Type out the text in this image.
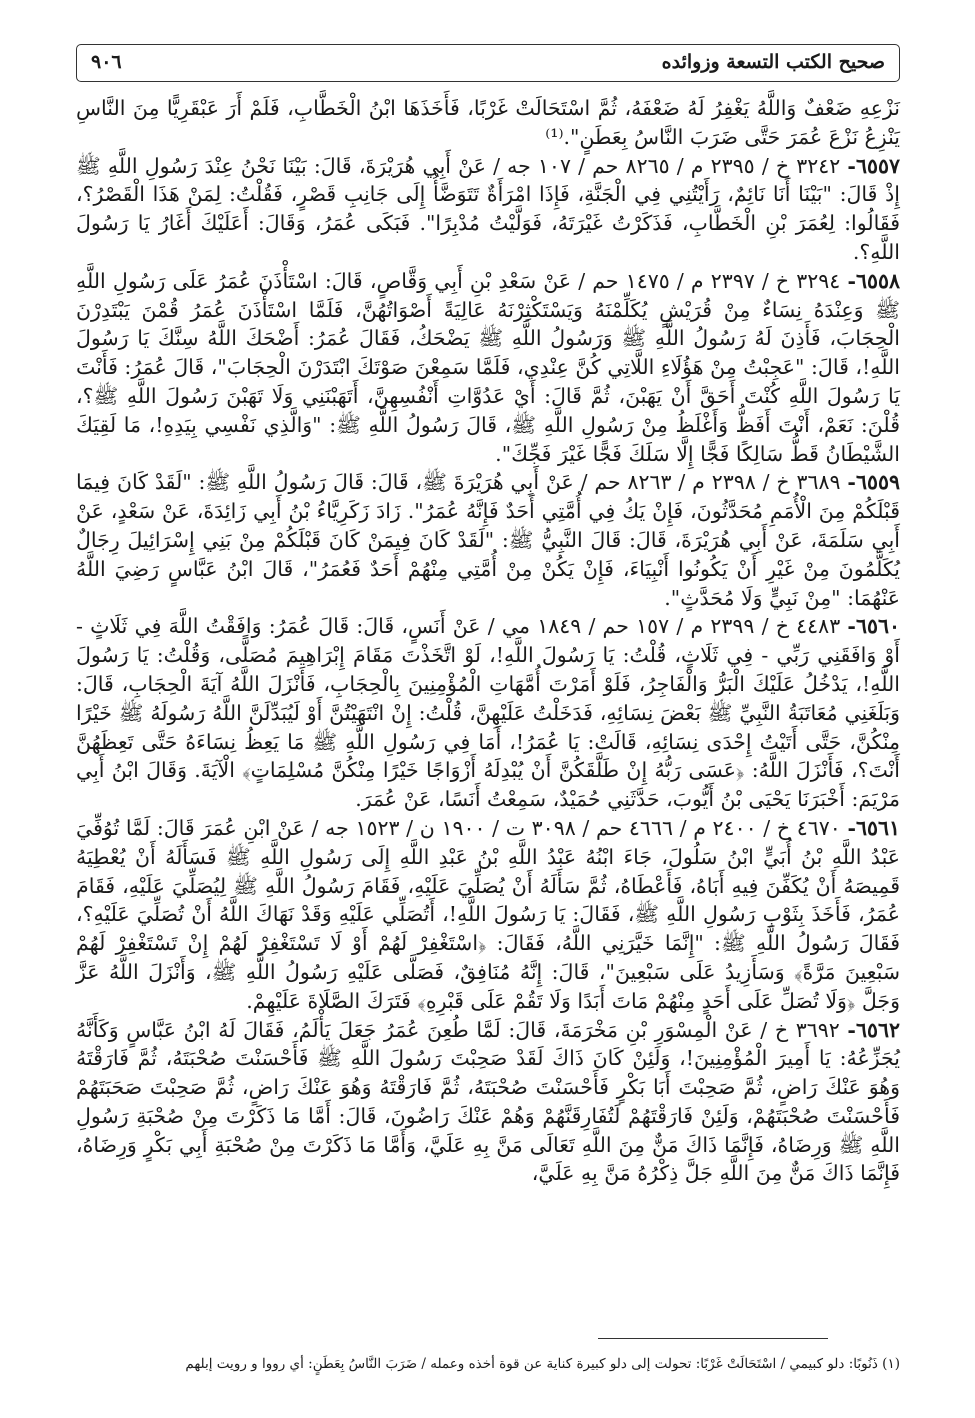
صحيح الكتب التسعة وزوائده
٩٠٦

نَزْعِهِ ضَعْفٌ وَاللَّهُ يَغْفِرُ لَهُ ضَعْفَهُ، ثُمَّ اسْتَحَالَتْ غَرْبًا، فَأَخَذَهَا ابْنُ الْخَطَّابِ، فَلَمْ أَرَ عَبْقَرِيًّا مِنَ النَّاسِ يَنْزِعُ نَزْعَ عُمَرَ حَتَّى ضَرَبَ النَّاسُ بِعَطَنٍ".⁽¹⁾

٦٥٥٧- ٣٢٤٢ خ / ٢٣٩٥ م / ٨٢٦٥ حم / ١٠٧ جه / عَنْ أَبِي هُرَيْرَةَ، قَالَ: بَيْنَا نَحْنُ عِنْدَ رَسُولِ اللَّهِ ﷺ إِذْ قَالَ: "بَيْنَا أَنَا نَائِمٌ، رَأَيْتُنِي فِي الْجَنَّةِ، فَإِذَا امْرَأَةٌ تَتَوَضَّأُ إِلَى جَانِبِ قَصْرٍ، فَقُلْتُ: لِمَنْ هَذَا الْقَصْرُ؟، فَقَالُوا: لِعُمَرَ بْنِ الْخَطَّابِ، فَذَكَرْتُ غَيْرَتَهُ، فَوَلَّيْتُ مُدْبِرًا". فَبَكَى عُمَرُ، وَقَالَ: أَعَلَيْكَ أَغَارُ يَا رَسُولَ اللَّهِ؟.

٦٥٥٨- ٣٢٩٤ خ / ٢٣٩٧ م / ١٤٧٥ حم / عَنْ سَعْدِ بْنِ أَبِي وَقَّاصٍ، قَالَ: اسْتَأْذَنَ عُمَرُ عَلَى رَسُولِ اللَّهِ ﷺ وَعِنْدَهُ نِسَاءٌ مِنْ قُرَيْشٍ يُكَلِّمْنَهُ وَيَسْتَكْثِرْنَهُ عَالِيَةً أَصْوَاتُهُنَّ، فَلَمَّا اسْتَأْذَنَ عُمَرُ قُمْنَ يَبْتَدِرْنَ الْحِجَابَ، فَأَذِنَ لَهُ رَسُولُ اللَّهِ ﷺ وَرَسُولُ اللَّهِ ﷺ يَضْحَكُ، فَقَالَ عُمَرُ: أَضْحَكَ اللَّهُ سِنَّكَ يَا رَسُولَ اللَّهِ!، قَالَ: "عَجِبْتُ مِنْ هَؤُلَاءِ اللَّاتِي كُنَّ عِنْدِي، فَلَمَّا سَمِعْنَ صَوْتَكَ ابْتَدَرْنَ الْحِجَابَ"، قَالَ عُمَرُ: فَأَنْتَ يَا رَسُولَ اللَّهِ كُنْتَ أَحَقَّ أَنْ يَهَبْنَ، ثُمَّ قَالَ: أَيْ عَدُوَّاتِ أَنْفُسِهِنَّ، أَتَهَبْنَنِي وَلَا تَهَبْنَ رَسُولَ اللَّهِ ﷺ؟، قُلْنَ: نَعَمْ، أَنْتَ أَفَظُّ وَأَغْلَظُ مِنْ رَسُولِ اللَّهِ ﷺ، قَالَ رَسُولُ اللَّهِ ﷺ: "وَالَّذِي نَفْسِي بِيَدِهِ!، مَا لَقِيَكَ الشَّيْطَانُ قَطُّ سَالِكًا فَجًّا إِلَّا سَلَكَ فَجًّا غَيْرَ فَجِّكَ".

٦٥٥٩- ٣٦٨٩ خ / ٢٣٩٨ م / ٨٢٦٣ حم / عَنْ أَبِي هُرَيْرَةَ ﷺ، قَالَ: قَالَ رَسُولُ اللَّهِ ﷺ: "لَقَدْ كَانَ فِيمَا قَبْلَكُمْ مِنَ الْأُمَمِ مُحَدَّثُونَ، فَإِنْ يَكُ فِي أُمَّتِي أَحَدٌ فَإِنَّهُ عُمَرُ". زَادَ زَكَرِيَّاءُ بْنُ أَبِي زَائِدَةَ، عَنْ سَعْدٍ، عَنْ أَبِي سَلَمَةَ، عَنْ أَبِي هُرَيْرَةَ، قَالَ: قَالَ النَّبِيُّ ﷺ: "لَقَدْ كَانَ فِيمَنْ كَانَ قَبْلَكُمْ مِنْ بَنِي إِسْرَائِيلَ رِجَالٌ يُكَلَّمُونَ مِنْ غَيْرِ أَنْ يَكُونُوا أَنْبِيَاءَ، فَإِنْ يَكُنْ مِنْ أُمَّتِي مِنْهُمْ أَحَدٌ فَعُمَرُ"، قَالَ ابْنُ عَبَّاسٍ رَضِيَ اللَّهُ عَنْهُمَا: "مِنْ نَبِيٍّ وَلَا مُحَدَّثٍ".

٦٥٦٠- ٤٤٨٣ خ / ٢٣٩٩ م / ١٥٧ حم / ١٨٤٩ مي / عَنْ أَنَسٍ، قَالَ: قَالَ عُمَرُ: وَافَقْتُ اللَّهَ فِي ثَلَاثٍ - أَوْ وَافَقَنِي رَبِّي - فِي ثَلَاثٍ، قُلْتُ: يَا رَسُولَ اللَّهِ!، لَوْ اتَّخَذْتَ مَقَامَ إِبْرَاهِيمَ مُصَلًّى، وَقُلْتُ: يَا رَسُولَ اللَّهِ!، يَدْخُلُ عَلَيْكَ الْبَرُّ وَالْفَاجِرُ، فَلَوْ أَمَرْتَ أُمَّهَاتِ الْمُؤْمِنِينَ بِالْحِجَابِ، فَأَنْزَلَ اللَّهُ آيَةَ الْحِجَابِ، قَالَ: وَبَلَغَنِي مُعَاتَبَةُ النَّبِيِّ ﷺ بَعْضَ نِسَائِهِ، فَدَخَلْتُ عَلَيْهِنَّ، قُلْتُ: إِنْ انْتَهَيْتُنَّ أَوْ لَيُبَدِّلَنَّ اللَّهُ رَسُولَهُ ﷺ خَيْرًا مِنْكُنَّ، حَتَّى أَتَيْتُ إِحْدَى نِسَائِهِ، قَالَتْ: يَا عُمَرُ!، أَمَا فِي رَسُولِ اللَّهِ ﷺ مَا يَعِظُ نِسَاءَهُ حَتَّى تَعِظَهُنَّ أَنْتَ؟، فَأَنْزَلَ اللَّهُ: ﴿عَسَى رَبُّهُ إِنْ طَلَّقَكُنَّ أَنْ يُبْدِلَهُ أَزْوَاجًا خَيْرًا مِنْكُنَّ مُسْلِمَاتٍ﴾ الْآيَةَ. وَقَالَ ابْنُ أَبِي مَرْيَمَ: أَخْبَرَنَا يَحْيَى بْنُ أَيُّوبَ، حَدَّثَنِي حُمَيْدٌ، سَمِعْتُ أَنَسًا، عَنْ عُمَرَ.

٦٥٦١- ٤٦٧٠ خ / ٢٤٠٠ م / ٤٦٦٦ حم / ٣٠٩٨ ت / ١٩٠٠ ن / ١٥٢٣ جه / عَنْ ابْنِ عُمَرَ قَالَ: لَمَّا تُوُفِّيَ عَبْدُ اللَّهِ بْنُ أُبَيٍّ ابْنُ سَلُولَ، جَاءَ ابْنُهُ عَبْدُ اللَّهِ بْنُ عَبْدِ اللَّهِ إِلَى رَسُولِ اللَّهِ ﷺ فَسَأَلَهُ أَنْ يُعْطِيَهُ قَمِيصَهُ أَنْ يُكَفِّنَ فِيهِ أَبَاهُ، فَأَعْطَاهُ، ثُمَّ سَأَلَهُ أَنْ يُصَلِّيَ عَلَيْهِ، فَقَامَ رَسُولُ اللَّهِ ﷺ لِيُصَلِّيَ عَلَيْهِ، فَقَامَ عُمَرُ، فَأَخَذَ بِثَوْبِ رَسُولِ اللَّهِ ﷺ، فَقَالَ: يَا رَسُولَ اللَّهِ!، أَتُصَلِّي عَلَيْهِ وَقَدْ نَهَاكَ اللَّهُ أَنْ تُصَلِّيَ عَلَيْهِ؟، فَقَالَ رَسُولُ اللَّهِ ﷺ: "إِنَّمَا خَيَّرَنِي اللَّهُ، فَقَالَ: ﴿اسْتَغْفِرْ لَهُمْ أَوْ لَا تَسْتَغْفِرْ لَهُمْ إِنْ تَسْتَغْفِرْ لَهُمْ سَبْعِينَ مَرَّةً﴾ وَسَأَزِيدُ عَلَى سَبْعِينَ"، قَالَ: إِنَّهُ مُنَافِقٌ، فَصَلَّى عَلَيْهِ رَسُولُ اللَّهِ ﷺ، وَأَنْزَلَ اللَّهُ عَزَّ وَجَلَّ ﴿وَلَا تُصَلِّ عَلَى أَحَدٍ مِنْهُمْ مَاتَ أَبَدًا وَلَا تَقُمْ عَلَى قَبْرِهِ﴾ فَتَرَكَ الصَّلَاةَ عَلَيْهِمْ.

٦٥٦٢- ٣٦٩٢ خ / عَنْ الْمِسْوَرِ بْنِ مَخْرَمَةَ، قَالَ: لَمَّا طُعِنَ عُمَرُ جَعَلَ يَأْلَمُ، فَقَالَ لَهُ ابْنُ عَبَّاسٍ وَكَأَنَّهُ يُجَزِّعُهُ: يَا أَمِيرَ الْمُؤْمِنِينَ!، وَلَئِنْ كَانَ ذَاكَ لَقَدْ صَحِبْتَ رَسُولَ اللَّهِ ﷺ فَأَحْسَنْتَ صُحْبَتَهُ، ثُمَّ فَارَقْتَهُ وَهُوَ عَنْكَ رَاضٍ، ثُمَّ صَحِبْتَ أَبَا بَكْرٍ فَأَحْسَنْتَ صُحْبَتَهُ، ثُمَّ فَارَقْتَهُ وَهُوَ عَنْكَ رَاضٍ، ثُمَّ صَحِبْتَ صَحَبَتَهُمْ فَأَحْسَنْتَ صُحْبَتَهُمْ، وَلَئِنْ فَارَقْتَهُمْ لَتُفَارِقَنَّهُمْ وَهُمْ عَنْكَ رَاضُونَ، قَالَ: أَمَّا مَا ذَكَرْتَ مِنْ صُحْبَةِ رَسُولِ اللَّهِ ﷺ وَرِضَاهُ، فَإِنَّمَا ذَاكَ مَنٌّ مِنَ اللَّهِ تَعَالَى مَنَّ بِهِ عَلَيَّ، وَأَمَّا مَا ذَكَرْتَ مِنْ صُحْبَةِ أَبِي بَكْرٍ وَرِضَاهُ، فَإِنَّمَا ذَاكَ مَنٌّ مِنَ اللَّهِ جَلَّ ذِكْرُهُ مَنَّ بِهِ عَلَيَّ،

(١) ذَنُوبًا: دلو كبيمي / اسْتَحَالَتْ غَرْبًا: تحولت إلى دلو كبيرة كناية عن قوة أخذه وعمله / ضَرَبَ النَّاسُ بِعَطَنٍ: أي رووا و رويت إبلهم
